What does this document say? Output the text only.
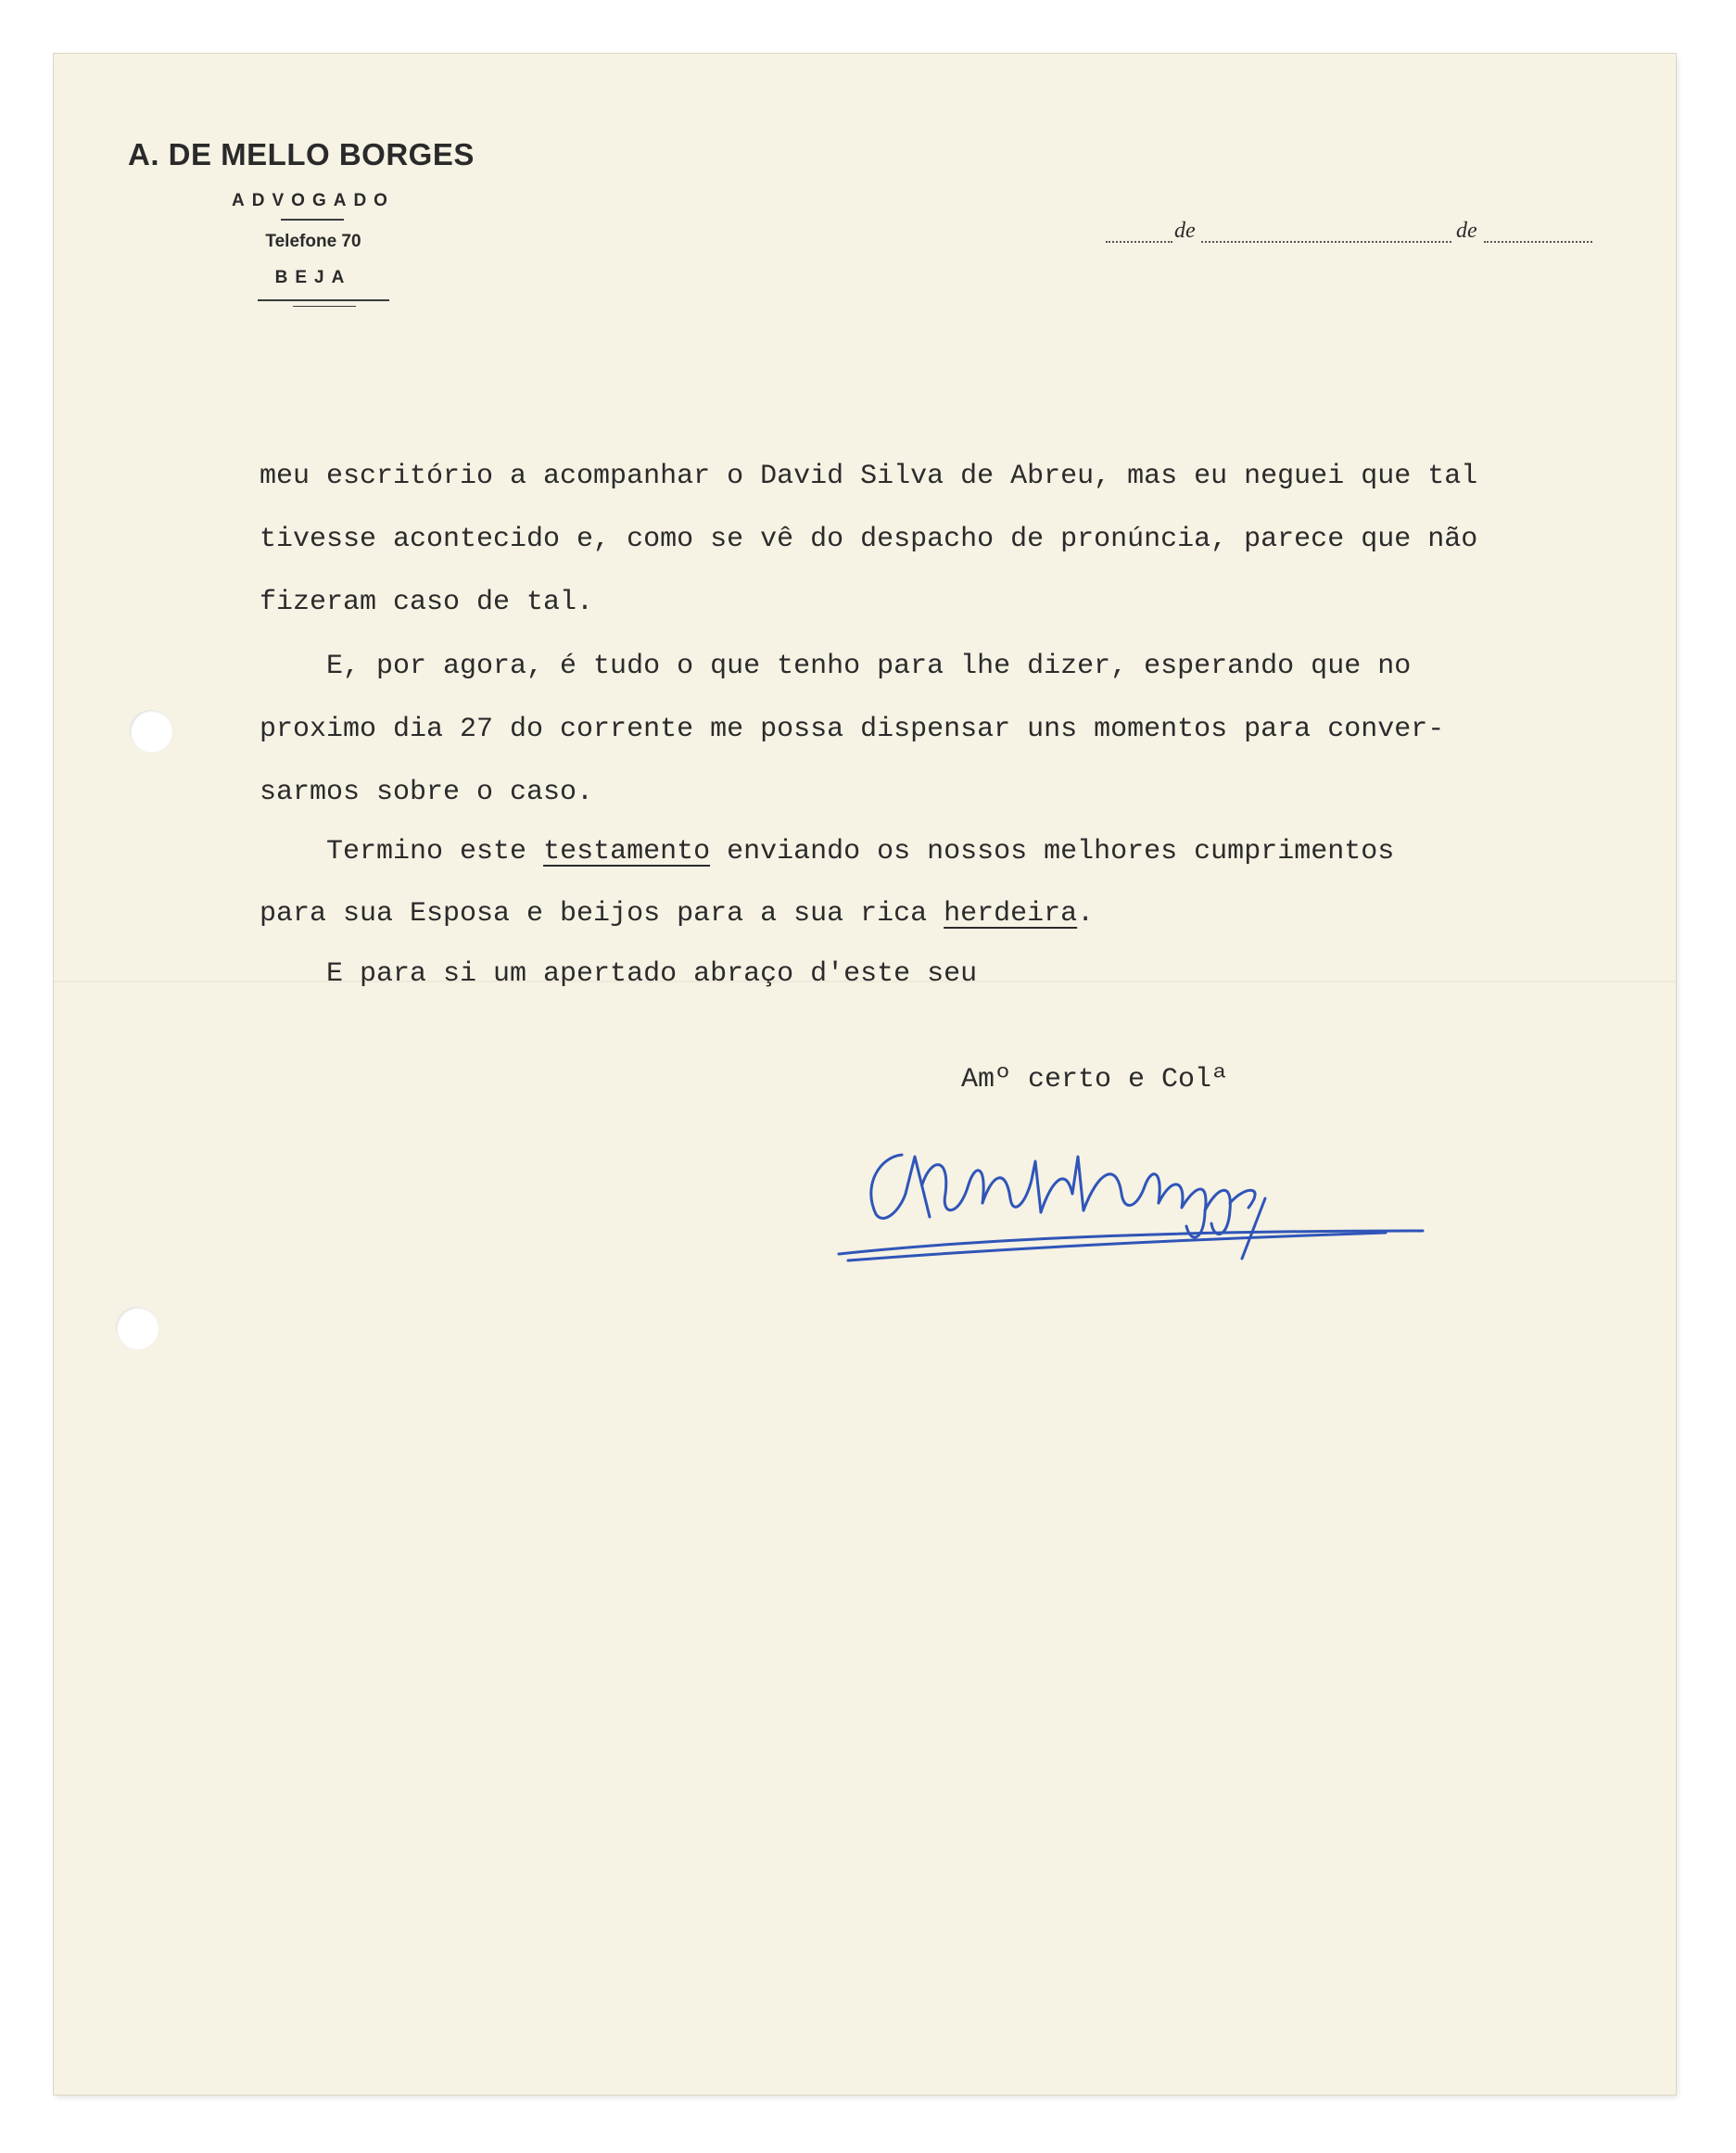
A. DE MELLO BORGES
ADVOGADO
Telefone 70
BEJA
de	de
meu escritório a acompanhar o David Silva de Abreu, mas eu neguei que tal
tivesse acontecido e, como se vê do despacho de pronúncia, parece que não
fizeram caso de tal.
E, por agora, é tudo o que tenho para lhe dizer, esperando que no
proximo dia 27 do corrente me possa dispensar uns momentos para conver-
sarmos sobre o caso.
Termino este testamento enviando os nossos melhores cumprimentos
para sua Esposa e beijos para a sua rica herdeira.
E para si um apertado abraço d'este seu
Amº certo e Colª
